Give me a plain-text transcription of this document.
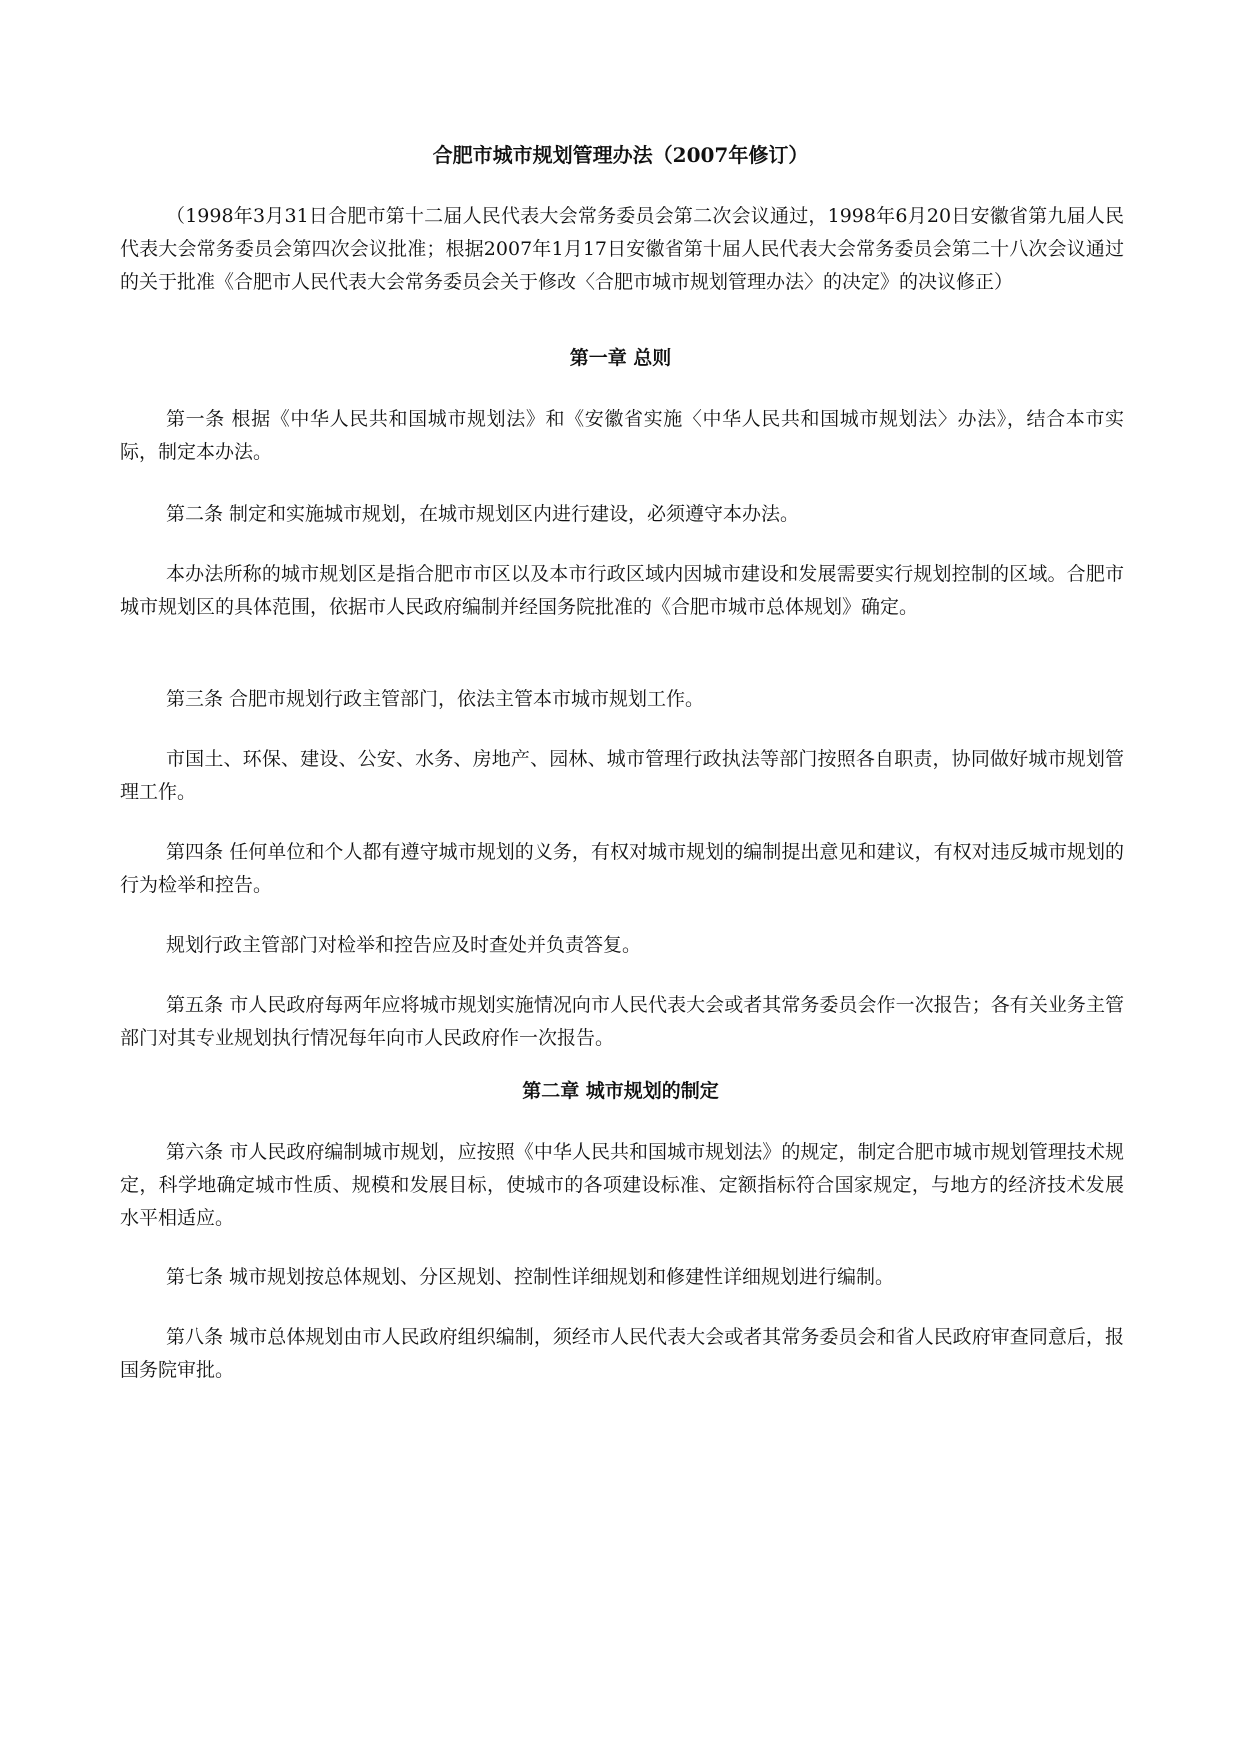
合肥市城市规划管理办法（2007年修订）

（1998年3月31日合肥市第十二届人民代表大会常务委员会第二次会议通过，1998年6月20日安徽省第九届人民代表大会常务委员会第四次会议批准；根据2007年1月17日安徽省第十届人民代表大会常务委员会第二十八次会议通过的关于批准《合肥市人民代表大会常务委员会关于修改〈合肥市城市规划管理办法〉的决定》的决议修正）

第一章 总则

第一条 根据《中华人民共和国城市规划法》和《安徽省实施〈中华人民共和国城市规划法〉办法》，结合本市实际，制定本办法。

第二条 制定和实施城市规划，在城市规划区内进行建设，必须遵守本办法。

本办法所称的城市规划区是指合肥市市区以及本市行政区域内因城市建设和发展需要实行规划控制的区域。合肥市城市规划区的具体范围，依据市人民政府编制并经国务院批准的《合肥市城市总体规划》确定。

第三条 合肥市规划行政主管部门，依法主管本市城市规划工作。

市国土、环保、建设、公安、水务、房地产、园林、城市管理行政执法等部门按照各自职责，协同做好城市规划管理工作。

第四条 任何单位和个人都有遵守城市规划的义务，有权对城市规划的编制提出意见和建议，有权对违反城市规划的行为检举和控告。

规划行政主管部门对检举和控告应及时查处并负责答复。

第五条 市人民政府每两年应将城市规划实施情况向市人民代表大会或者其常务委员会作一次报告；各有关业务主管部门对其专业规划执行情况每年向市人民政府作一次报告。

第二章 城市规划的制定

第六条 市人民政府编制城市规划，应按照《中华人民共和国城市规划法》的规定，制定合肥市城市规划管理技术规定，科学地确定城市性质、规模和发展目标，使城市的各项建设标准、定额指标符合国家规定，与地方的经济技术发展水平相适应。

第七条 城市规划按总体规划、分区规划、控制性详细规划和修建性详细规划进行编制。

第八条 城市总体规划由市人民政府组织编制，须经市人民代表大会或者其常务委员会和省人民政府审查同意后，报国务院审批。
